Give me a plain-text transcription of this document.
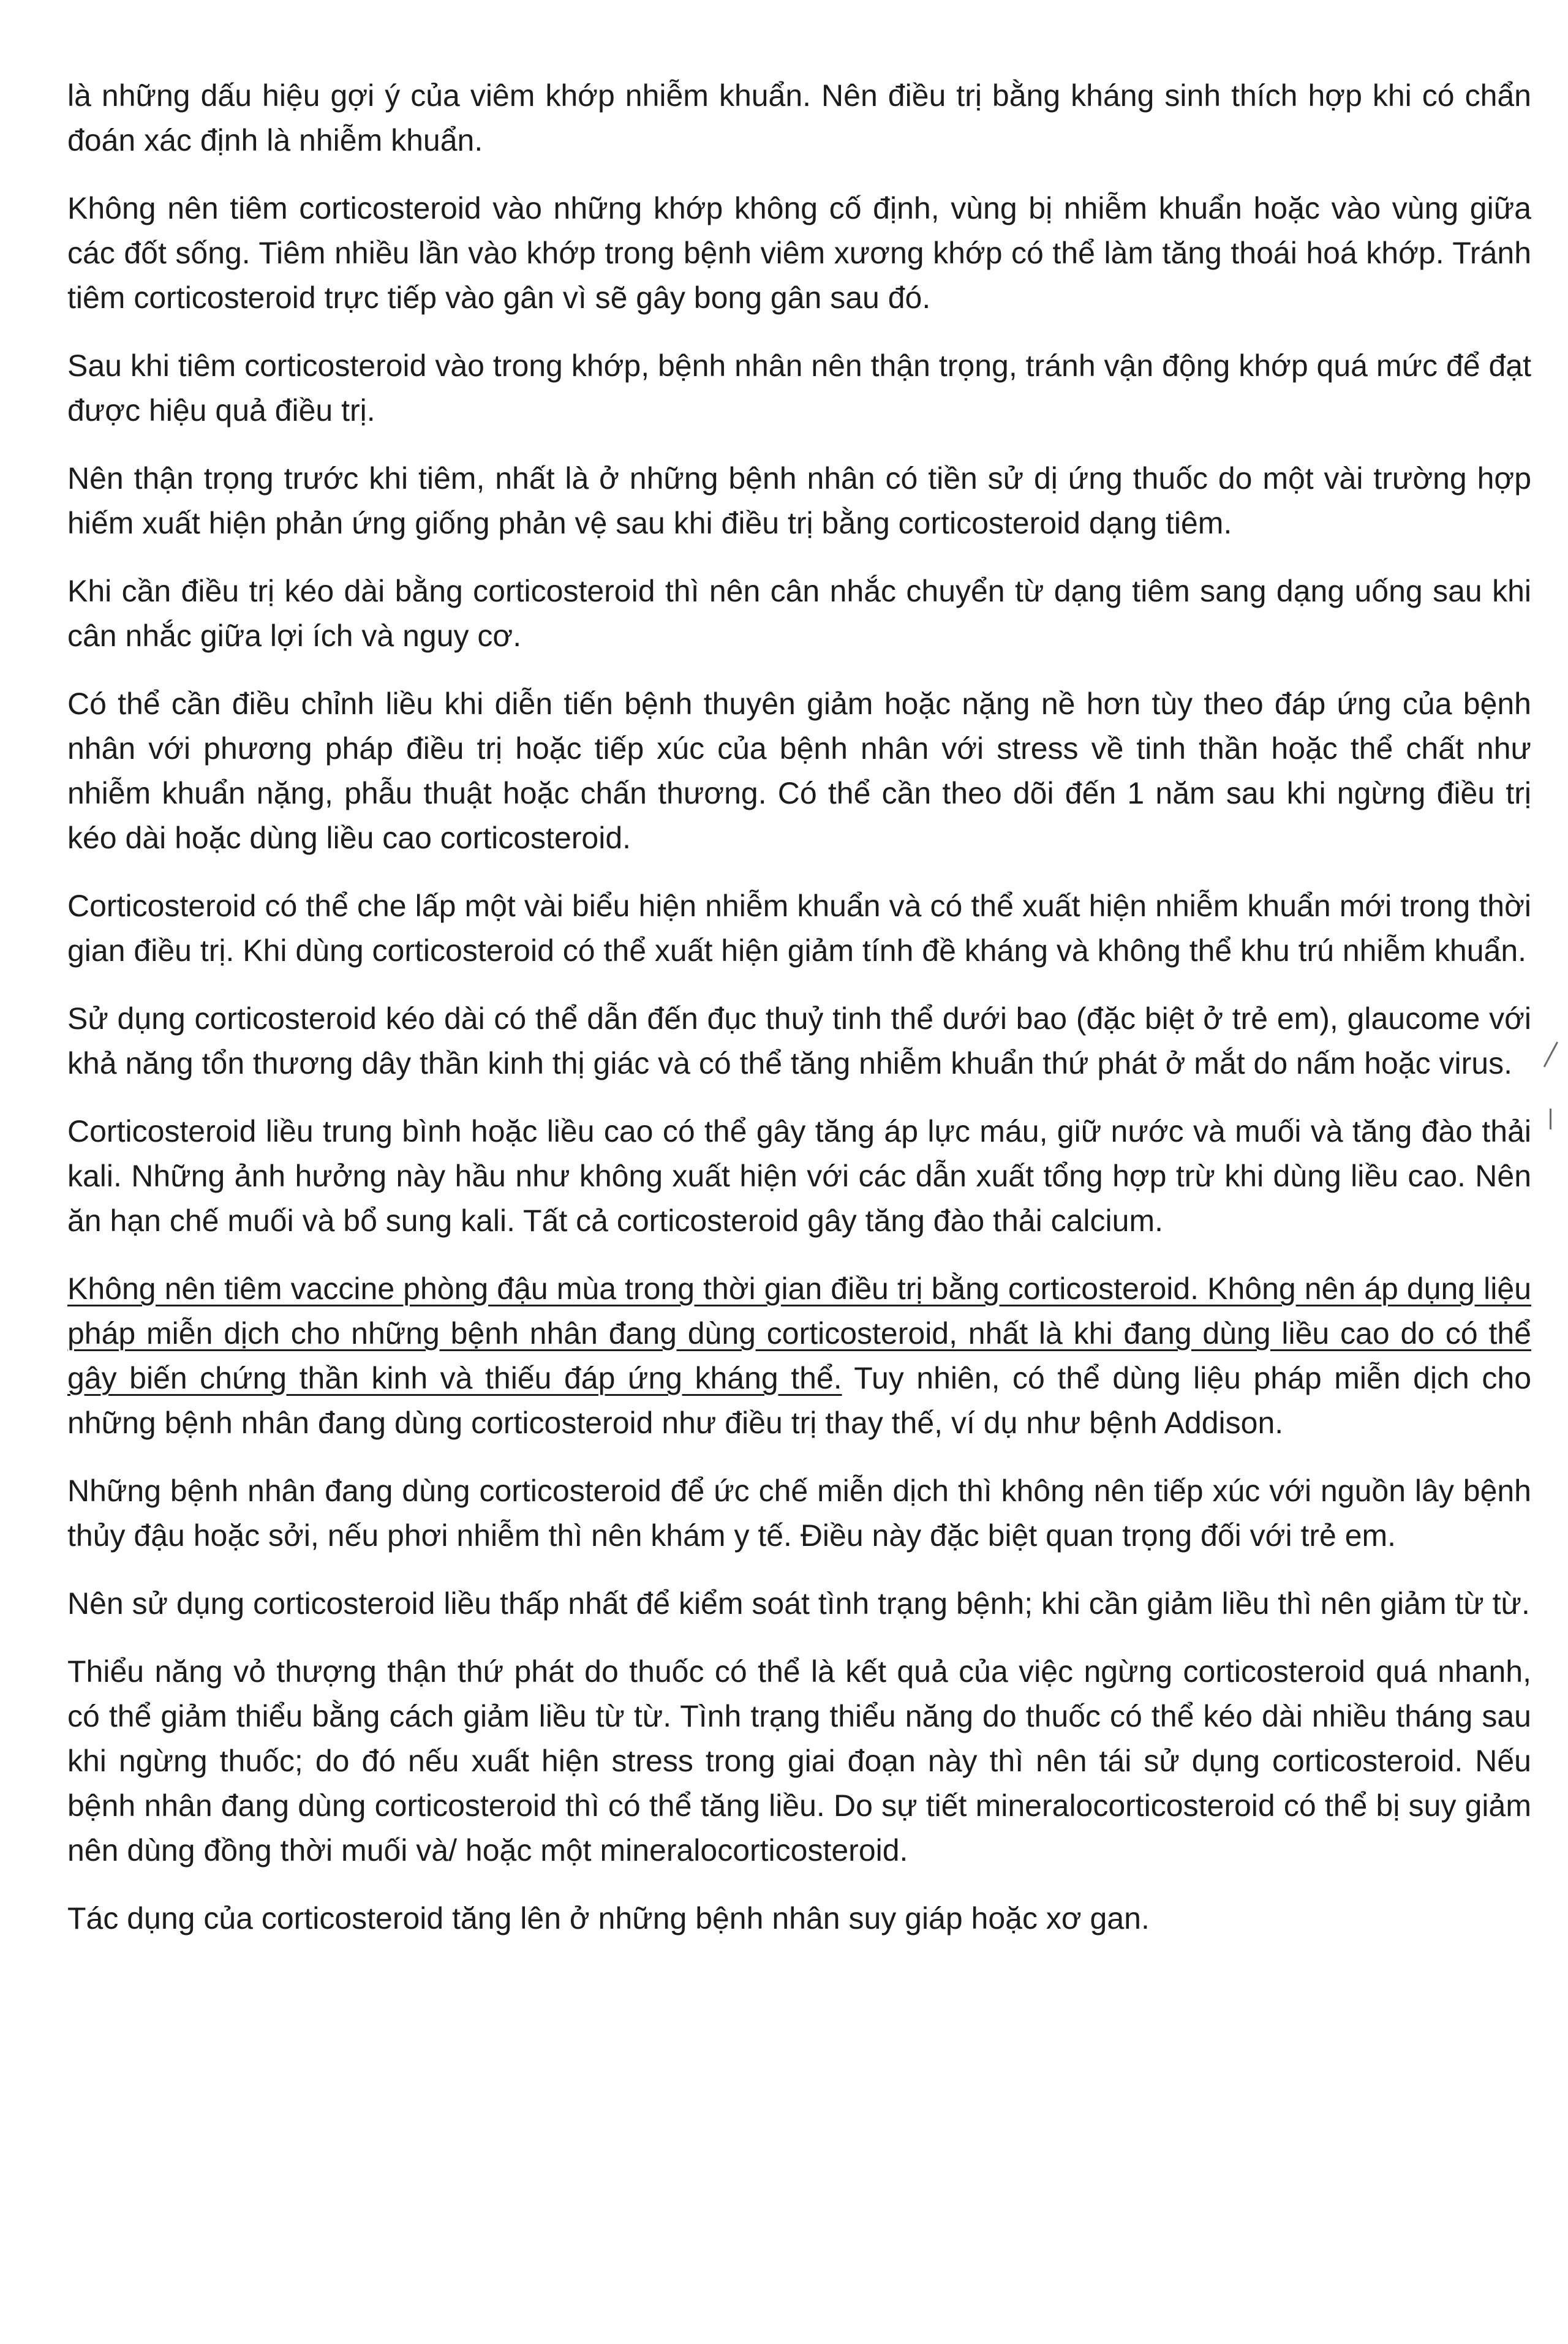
là những dấu hiệu gợi ý của viêm khớp nhiễm khuẩn. Nên điều trị bằng kháng sinh thích hợp khi có chẩn đoán xác định là nhiễm khuẩn.

Không nên tiêm corticosteroid vào những khớp không cố định, vùng bị nhiễm khuẩn hoặc vào vùng giữa các đốt sống. Tiêm nhiều lần vào khớp trong bệnh viêm xương khớp có thể làm tăng thoái hoá khớp. Tránh tiêm corticosteroid trực tiếp vào gân vì sẽ gây bong gân sau đó.

Sau khi tiêm corticosteroid vào trong khớp, bệnh nhân nên thận trọng, tránh vận động khớp quá mức để đạt được hiệu quả điều trị.

Nên thận trọng trước khi tiêm, nhất là ở những bệnh nhân có tiền sử dị ứng thuốc do một vài trường hợp hiếm xuất hiện phản ứng giống phản vệ sau khi điều trị bằng corticosteroid dạng tiêm.

Khi cần điều trị kéo dài bằng corticosteroid thì nên cân nhắc chuyển từ dạng tiêm sang dạng uống sau khi cân nhắc giữa lợi ích và nguy cơ.

Có thể cần điều chỉnh liều khi diễn tiến bệnh thuyên giảm hoặc nặng nề hơn tùy theo đáp ứng của bệnh nhân với phương pháp điều trị hoặc tiếp xúc của bệnh nhân với stress về tinh thần hoặc thể chất như nhiễm khuẩn nặng, phẫu thuật hoặc chấn thương. Có thể cần theo dõi đến 1 năm sau khi ngừng điều trị kéo dài hoặc dùng liều cao corticosteroid.

Corticosteroid có thể che lấp một vài biểu hiện nhiễm khuẩn và có thể xuất hiện nhiễm khuẩn mới trong thời gian điều trị. Khi dùng corticosteroid có thể xuất hiện giảm tính đề kháng và không thể khu trú nhiễm khuẩn.

Sử dụng corticosteroid kéo dài có thể dẫn đến đục thuỷ tinh thể dưới bao (đặc biệt ở trẻ em), glaucome với khả năng tổn thương dây thần kinh thị giác và có thể tăng nhiễm khuẩn thứ phát ở mắt do nấm hoặc virus.

Corticosteroid liều trung bình hoặc liều cao có thể gây tăng áp lực máu, giữ nước và muối và tăng đào thải kali. Những ảnh hưởng này hầu như không xuất hiện với các dẫn xuất tổng hợp trừ khi dùng liều cao. Nên ăn hạn chế muối và bổ sung kali. Tất cả corticosteroid gây tăng đào thải calcium.

Không nên tiêm vaccine phòng đậu mùa trong thời gian điều trị bằng corticosteroid. Không nên áp dụng liệu pháp miễn dịch cho những bệnh nhân đang dùng corticosteroid, nhất là khi đang dùng liều cao do có thể gây biến chứng thần kinh và thiếu đáp ứng kháng thể. Tuy nhiên, có thể dùng liệu pháp miễn dịch cho những bệnh nhân đang dùng corticosteroid như điều trị thay thế, ví dụ như bệnh Addison.

Những bệnh nhân đang dùng corticosteroid để ức chế miễn dịch thì không nên tiếp xúc với nguồn lây bệnh thủy đậu hoặc sởi, nếu phơi nhiễm thì nên khám y tế. Điều này đặc biệt quan trọng đối với trẻ em.

Nên sử dụng corticosteroid liều thấp nhất để kiểm soát tình trạng bệnh; khi cần giảm liều thì nên giảm từ từ.

Thiểu năng vỏ thượng thận thứ phát do thuốc có thể là kết quả của việc ngừng corticosteroid quá nhanh, có thể giảm thiểu bằng cách giảm liều từ từ. Tình trạng thiểu năng do thuốc có thể kéo dài nhiều tháng sau khi ngừng thuốc; do đó nếu xuất hiện stress trong giai đoạn này thì nên tái sử dụng corticosteroid. Nếu bệnh nhân đang dùng corticosteroid thì có thể tăng liều. Do sự tiết mineralocorticosteroid có thể bị suy giảm nên dùng đồng thời muối và/ hoặc một mineralocorticosteroid.

Tác dụng của corticosteroid tăng lên ở những bệnh nhân suy giáp hoặc xơ gan.
